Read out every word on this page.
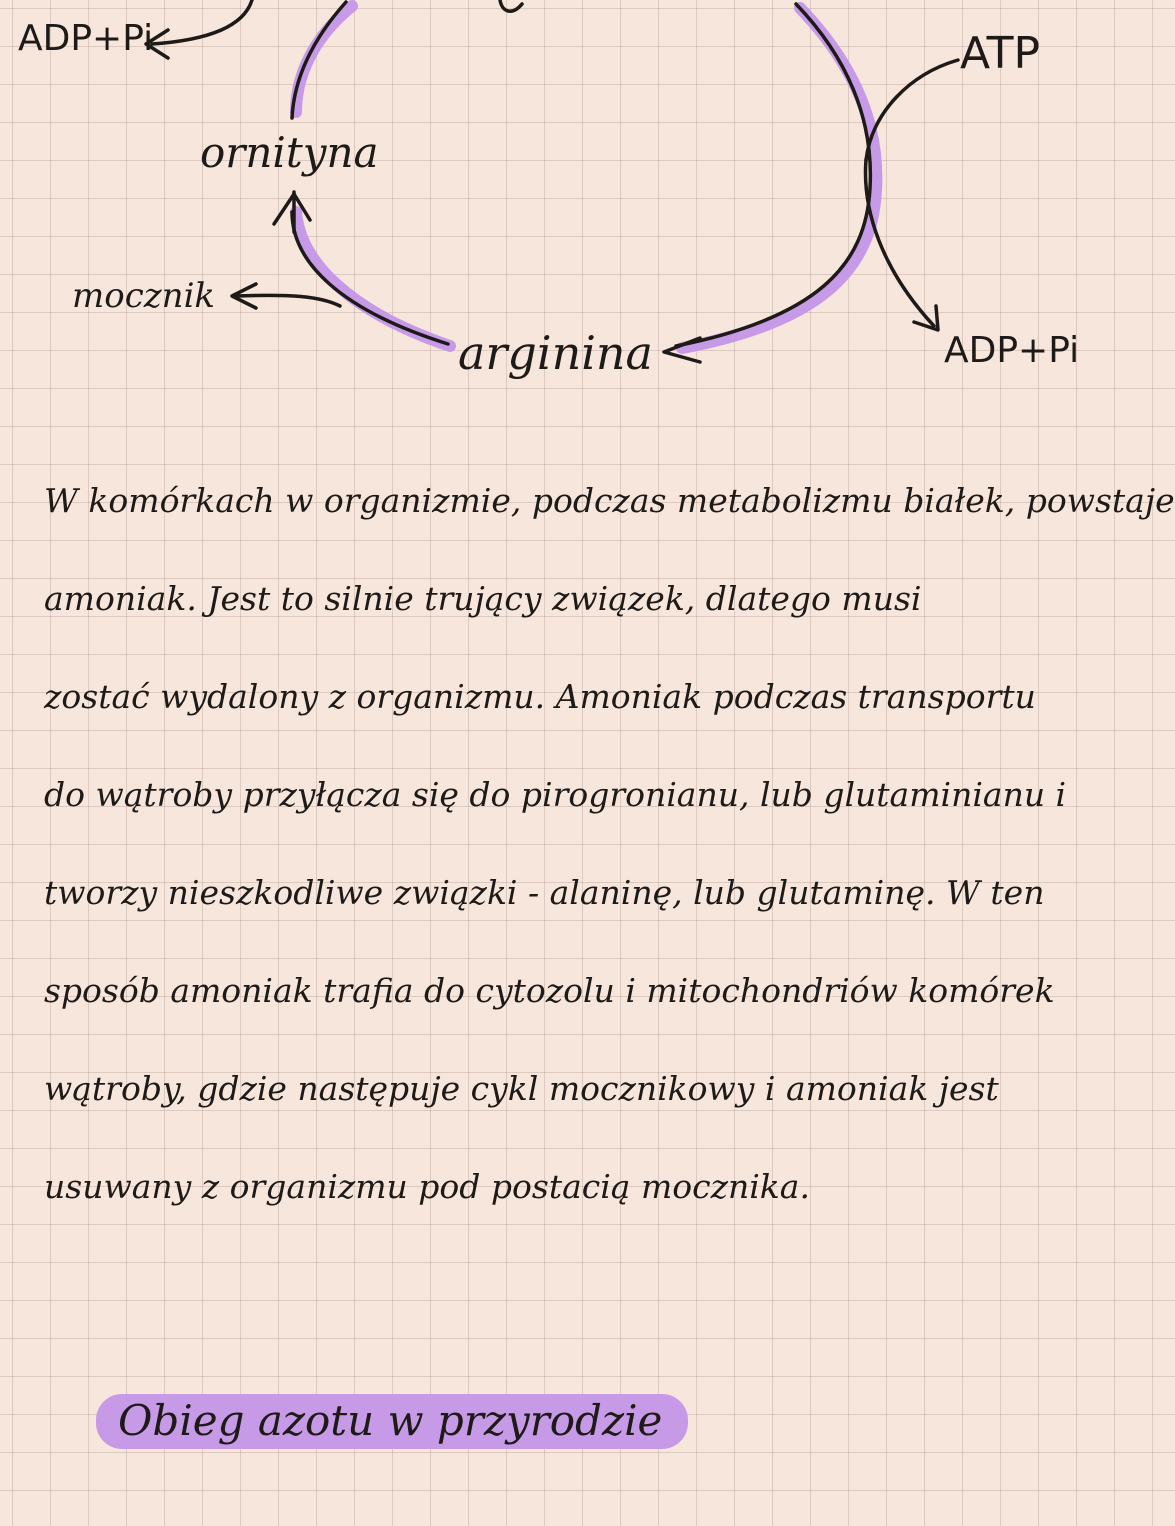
ADP+Pi	ATP
ornityna
mocznik
arginina	ADP+Pi
W komórkach w organizmie, podczas metabolizmu białek, powstaje
amoniak. Jest to silnie trujący związek, dlatego musi
zostać wydalony z organizmu. Amoniak podczas transportu
do wątroby przyłącza się do pirogronianu, lub glutaminianu i
tworzy nieszkodliwe związki - alaninę, lub glutaminę. W ten
sposób amoniak trafia do cytozolu i mitochondriów komórek
wątroby, gdzie następuje cykl mocznikowy i amoniak jest
usuwany z organizmu pod postacią mocznika.
Obieg azotu w przyrodzie
